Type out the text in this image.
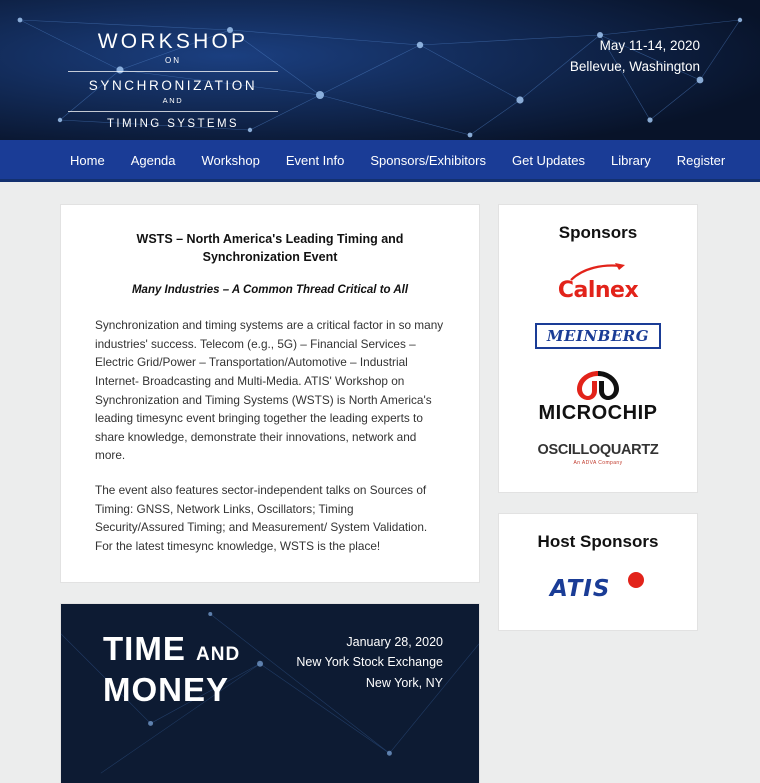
WORKSHOP
ON
SYNCHRONIZATION
AND
TIMING SYSTEMS
May 11-14, 2020
Bellevue, Washington
Home	Agenda	Workshop	Event Info	Sponsors/Exhibitors	Get Updates	Library	Register
WSTS – North America's Leading Timing and Synchronization Event

Many Industries – A Common Thread Critical to All

Synchronization and timing systems are a critical factor in so many industries' success. Telecom (e.g., 5G) – Financial Services – Electric Grid/Power – Transportation/Automotive – Industrial Internet- Broadcasting and Multi-Media. ATIS' Workshop on Synchronization and Timing Systems (WSTS) is North America's leading timesync event bringing together the leading experts to share knowledge, demonstrate their innovations, network and more.

The event also features sector-independent talks on Sources of Timing: GNSS, Network Links, Oscillators; Timing Security/Assured Timing; and Measurement/ System Validation. For the latest timesync knowledge, WSTS is the place!

TIME AND
MONEY
January 28, 2020
New York Stock Exchange
New York, NY
Sponsors
Calnex
MEINBERG
MICROCHIP
OSCILLOQUARTZ
An ADVA Company
Host Sponsors
ATIS
